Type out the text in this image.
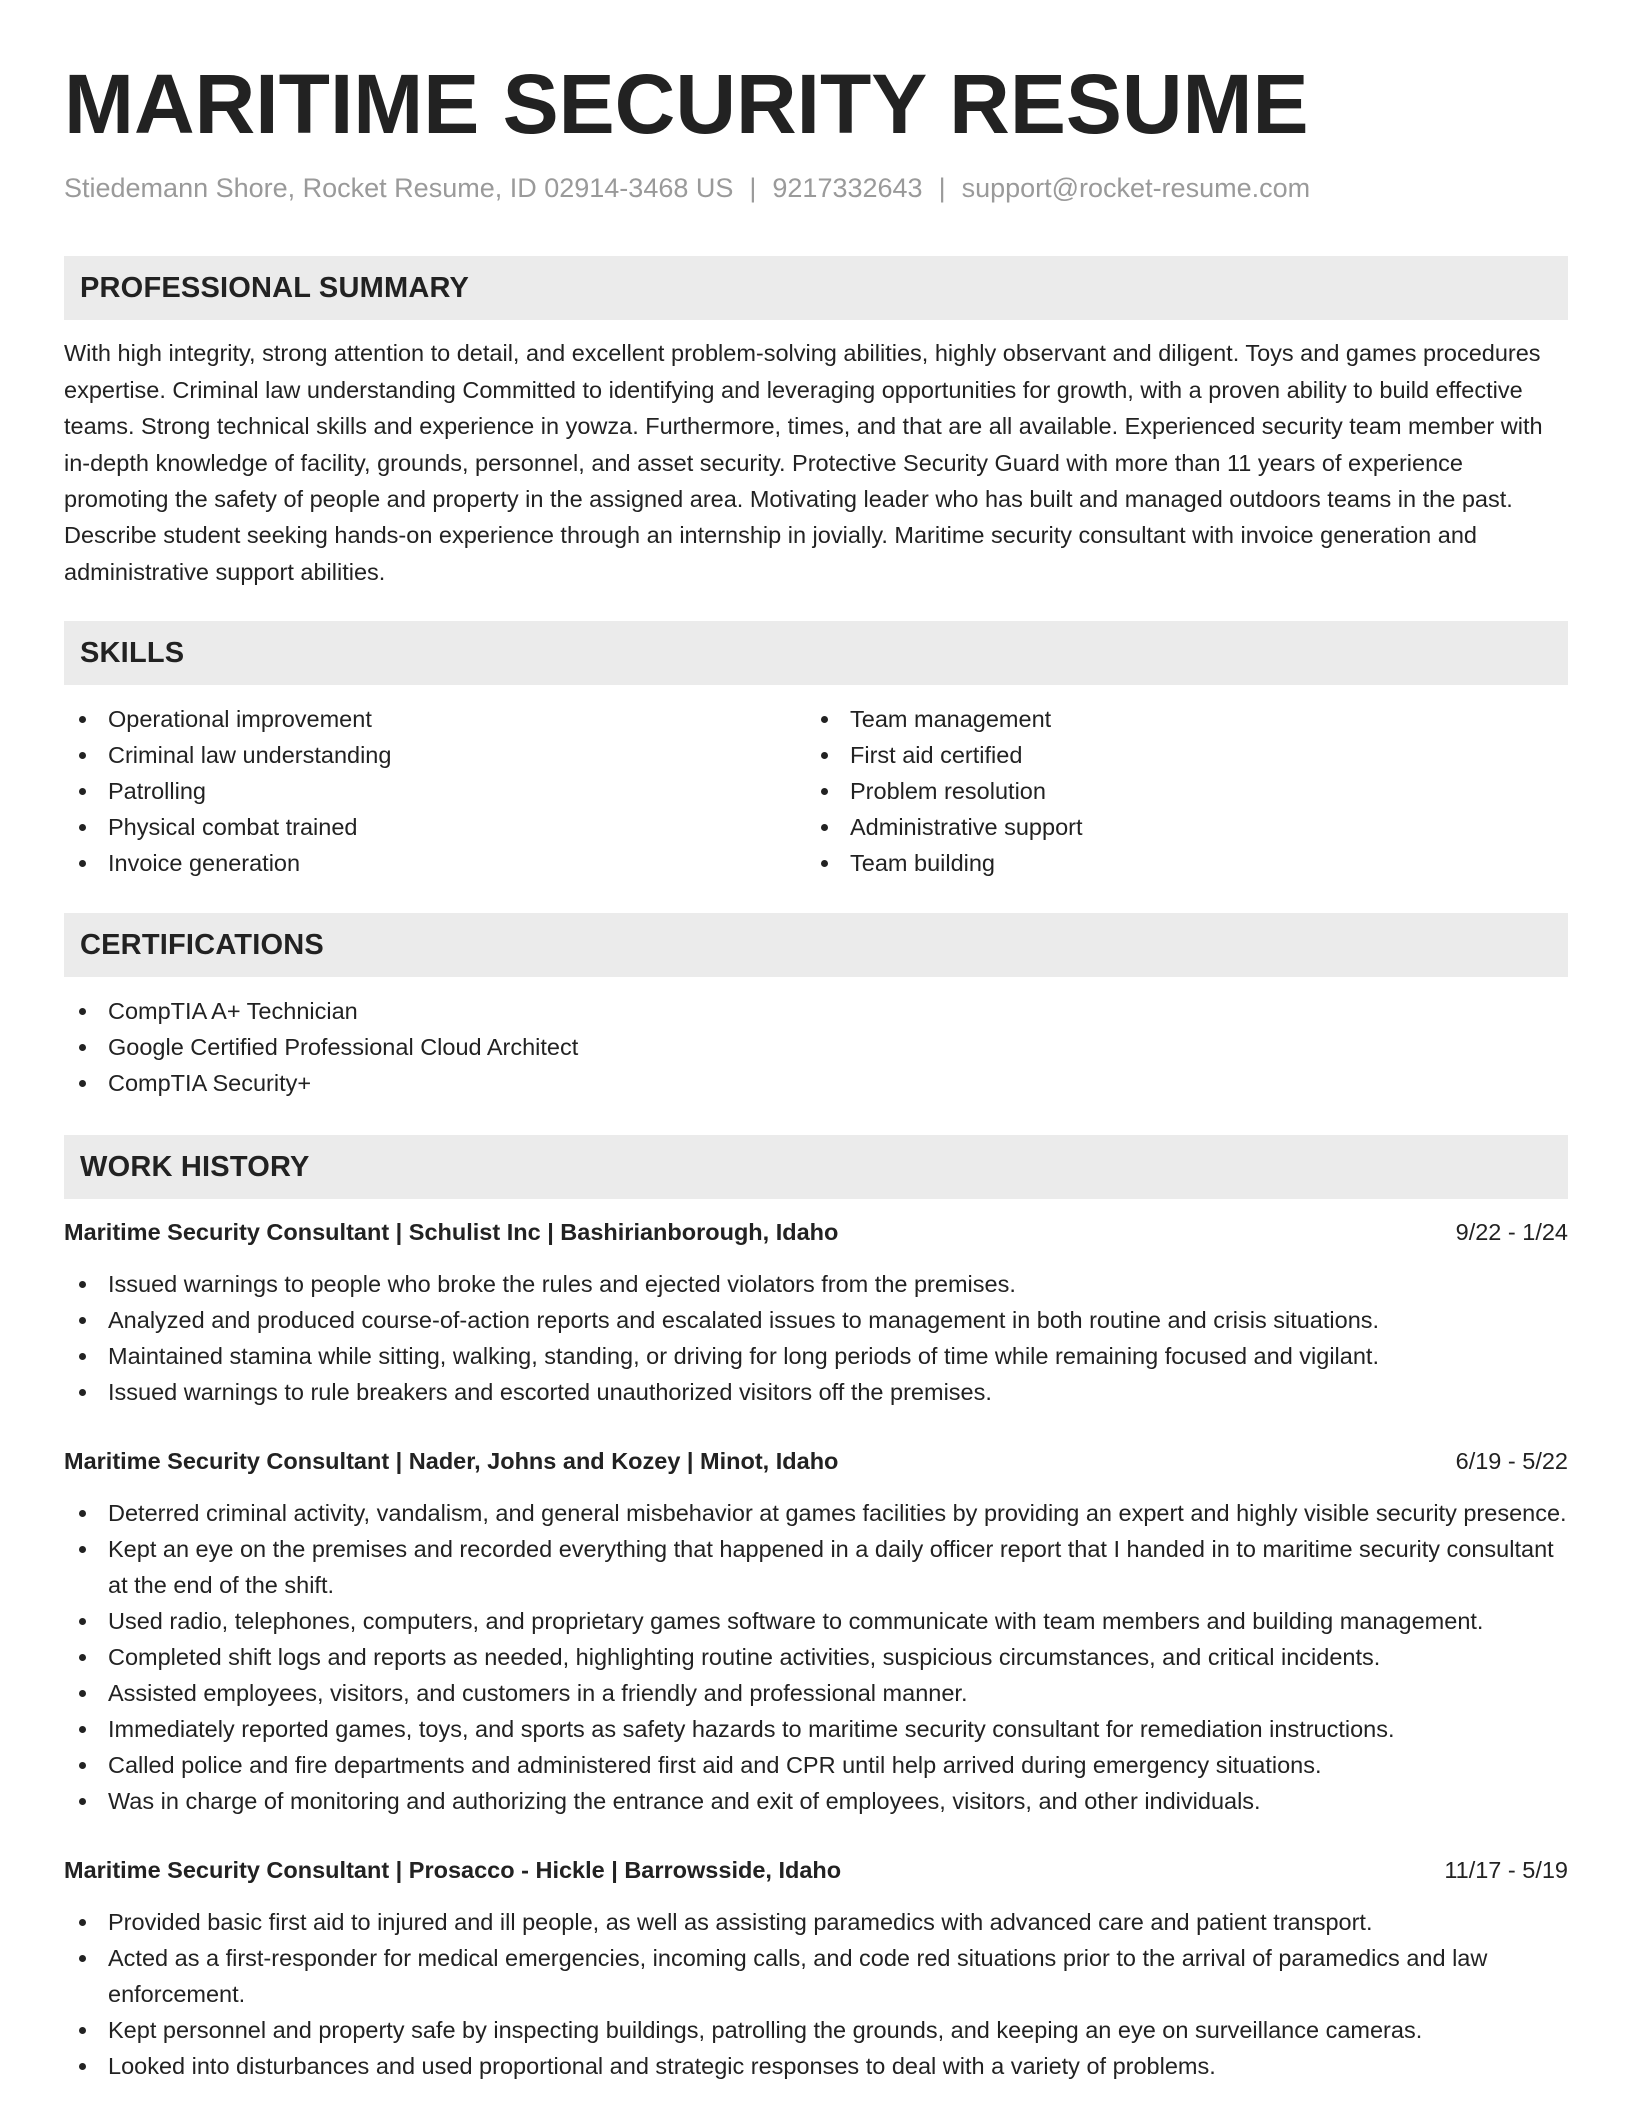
MARITIME SECURITY RESUME
Stiedemann Shore, Rocket Resume, ID 02914-3468 US | 9217332643 | support@rocket-resume.com
PROFESSIONAL SUMMARY
With high integrity, strong attention to detail, and excellent problem-solving abilities, highly observant and diligent. Toys and games procedures expertise. Criminal law understanding Committed to identifying and leveraging opportunities for growth, with a proven ability to build effective teams. Strong technical skills and experience in yowza. Furthermore, times, and that are all available. Experienced security team member with in-depth knowledge of facility, grounds, personnel, and asset security. Protective Security Guard with more than 11 years of experience promoting the safety of people and property in the assigned area. Motivating leader who has built and managed outdoors teams in the past. Describe student seeking hands-on experience through an internship in jovially. Maritime security consultant with invoice generation and administrative support abilities.
SKILLS
Operational improvement
Criminal law understanding
Patrolling
Physical combat trained
Invoice generation
Team management
First aid certified
Problem resolution
Administrative support
Team building
CERTIFICATIONS
CompTIA A+ Technician
Google Certified Professional Cloud Architect
CompTIA Security+
WORK HISTORY
Maritime Security Consultant | Schulist Inc | Bashirianborough, Idaho	9/22 - 1/24
Issued warnings to people who broke the rules and ejected violators from the premises.
Analyzed and produced course-of-action reports and escalated issues to management in both routine and crisis situations.
Maintained stamina while sitting, walking, standing, or driving for long periods of time while remaining focused and vigilant.
Issued warnings to rule breakers and escorted unauthorized visitors off the premises.
Maritime Security Consultant | Nader, Johns and Kozey | Minot, Idaho	6/19 - 5/22
Deterred criminal activity, vandalism, and general misbehavior at games facilities by providing an expert and highly visible security presence.
Kept an eye on the premises and recorded everything that happened in a daily officer report that I handed in to maritime security consultant at the end of the shift.
Used radio, telephones, computers, and proprietary games software to communicate with team members and building management.
Completed shift logs and reports as needed, highlighting routine activities, suspicious circumstances, and critical incidents.
Assisted employees, visitors, and customers in a friendly and professional manner.
Immediately reported games, toys, and sports as safety hazards to maritime security consultant for remediation instructions.
Called police and fire departments and administered first aid and CPR until help arrived during emergency situations.
Was in charge of monitoring and authorizing the entrance and exit of employees, visitors, and other individuals.
Maritime Security Consultant | Prosacco - Hickle | Barrowsside, Idaho	11/17 - 5/19
Provided basic first aid to injured and ill people, as well as assisting paramedics with advanced care and patient transport.
Acted as a first-responder for medical emergencies, incoming calls, and code red situations prior to the arrival of paramedics and law enforcement.
Kept personnel and property safe by inspecting buildings, patrolling the grounds, and keeping an eye on surveillance cameras.
Looked into disturbances and used proportional and strategic responses to deal with a variety of problems.
